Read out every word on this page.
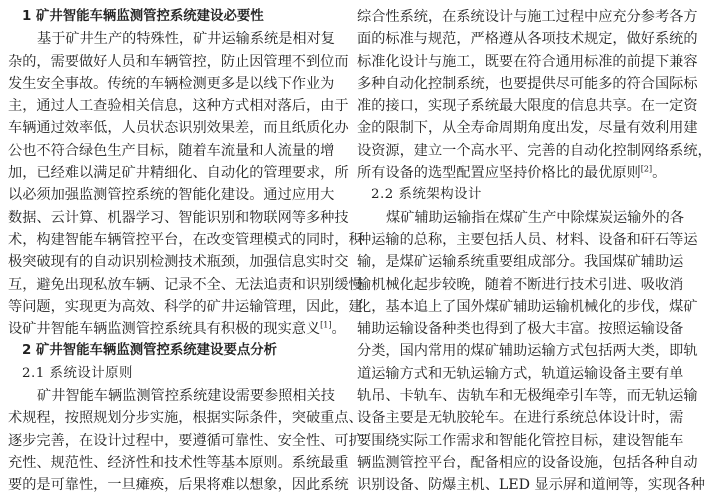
1 矿井智能车辆监测管控系统建设必要性
基于矿井生产的特殊性，矿井运输系统是相对复
杂的，需要做好人员和车辆管控，防止因管理不到位而
发生安全事故。传统的车辆检测更多是以线下作业为
主，通过人工查验相关信息，这种方式相对落后，由于
车辆通过效率低，人员状态识别效果差，而且纸质化办
公也不符合绿色生产目标，随着车流量和人流量的增
加，已经难以满足矿井精细化、自动化的管理要求，所
以必须加强监测管控系统的智能化建设。通过应用大
数据、云计算、机器学习、智能识别和物联网等多种技
术，构建智能车辆管控平台，在改变管理模式的同时，积
极突破现有的自动识别检测技术瓶颈，加强信息实时交
互，避免出现私放车辆、记录不全、无法追责和识别缓慢
等问题，实现更为高效、科学的矿井运输管理，因此，建
设矿井智能车辆监测管控系统具有积极的现实意义[1]。
2 矿井智能车辆监测管控系统建设要点分析
2.1 系统设计原则
矿井智能车辆监测管控系统建设需要参照相关技
术规程，按照规划分步实施，根据实际条件，突破重点、
逐步完善，在设计过程中，要遵循可靠性、安全性、可扩
充性、规范性、经济性和技术性等基本原则。系统最重
要的是可靠性，一旦瘫痪，后果将难以想象，因此系统
综合性系统，在系统设计与施工过程中应充分参考各方
面的标准与规范，严格遵从各项技术规定，做好系统的
标准化设计与施工，既要在符合通用标准的前提下兼容
多种自动化控制系统，也要提供尽可能多的符合国际标
准的接口，实现子系统最大限度的信息共享。在一定资
金的限制下，从全寿命周期角度出发，尽量有效利用建
设资源，建立一个高水平、完善的自动化控制网络系统，
所有设备的选型配置应坚持价格比的最优原则[2]。
2.2 系统架构设计
煤矿辅助运输指在煤矿生产中除煤炭运输外的各
种运输的总称，主要包括人员、材料、设备和矸石等运
输，是煤矿运输系统重要组成部分。我国煤矿辅助运
输机械化起步较晚，随着不断进行技术引进、吸收消
化，基本追上了国外煤矿辅助运输机械化的步伐，煤矿
辅助运输设备种类也得到了极大丰富。按照运输设备
分类，国内常用的煤矿辅助运输方式包括两大类，即轨
道运输方式和无轨运输方式，轨道运输设备主要有单
轨吊、卡轨车、齿轨车和无极绳牵引车等，而无轨运输
设备主要是无轨胶轮车。在进行系统总体设计时，需
要围绕实际工作需求和智能化管控目标，建设智能车
辆监测管控平台，配备相应的设备设施，包括各种自动
识别设备、防爆主机、LED 显示屏和道闸等，实现各种
